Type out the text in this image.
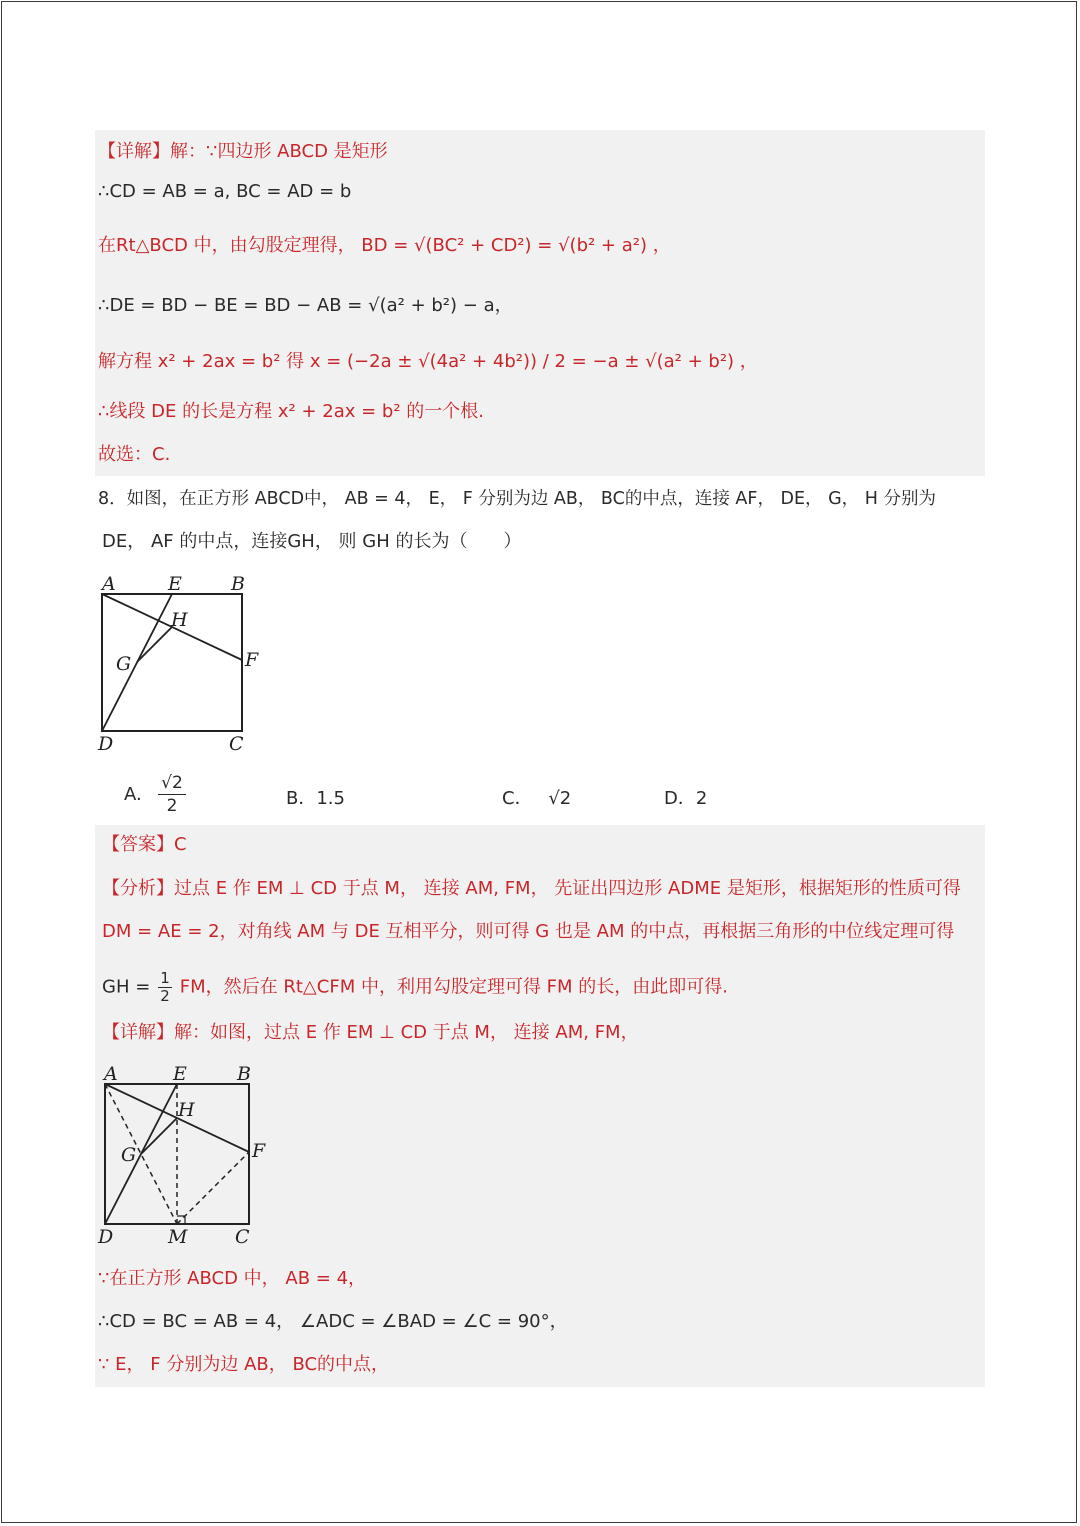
【详解】解：∵四边形 ABCD 是矩形
∴CD = AB = a, BC = AD = b
在Rt△BCD 中，由勾股定理得， BD = √(BC² + CD²) = √(b² + a²) ，
∴DE = BD − BE = BD − AB = √(a² + b²) − a，
解方程 x² + 2ax = b² 得 x = (−2a ± √(4a² + 4b²)) / 2 = −a ± √(a² + b²) ，
∴线段 DE 的长是方程 x² + 2ax = b² 的一个根.
故选：C.
8．如图，在正方形 ABCD中， AB = 4， E， F 分别为边 AB， BC的中点，连接 AF， DE， G， H 分别为
DE， AF 的中点，连接GH， 则 GH 的长为（　　）
A	E	B
H
G	F
D	C
A. $\frac{√2}{2}$	B．1.5	C． √2	D．2
【答案】C
【分析】过点 E 作 EM ⊥ CD 于点 M， 连接 AM, FM， 先证出四边形 ADME 是矩形，根据矩形的性质可得
DM = AE = 2，对角线 AM 与 DE 互相平分，则可得 G 也是 AM 的中点，再根据三角形的中位线定理可得
GH = $\frac{1}{2}$ FM，然后在 Rt△CFM 中，利用勾股定理可得 FM 的长，由此即可得.
【详解】解：如图，过点 E 作 EM ⊥ CD 于点 M， 连接 AM, FM，
A	E	B
H
G	F
D	M	C
∵在正方形 ABCD 中， AB = 4，
∴CD = BC = AB = 4， ∠ADC = ∠BAD = ∠C = 90°，
∵ E， F 分别为边 AB， BC的中点，
